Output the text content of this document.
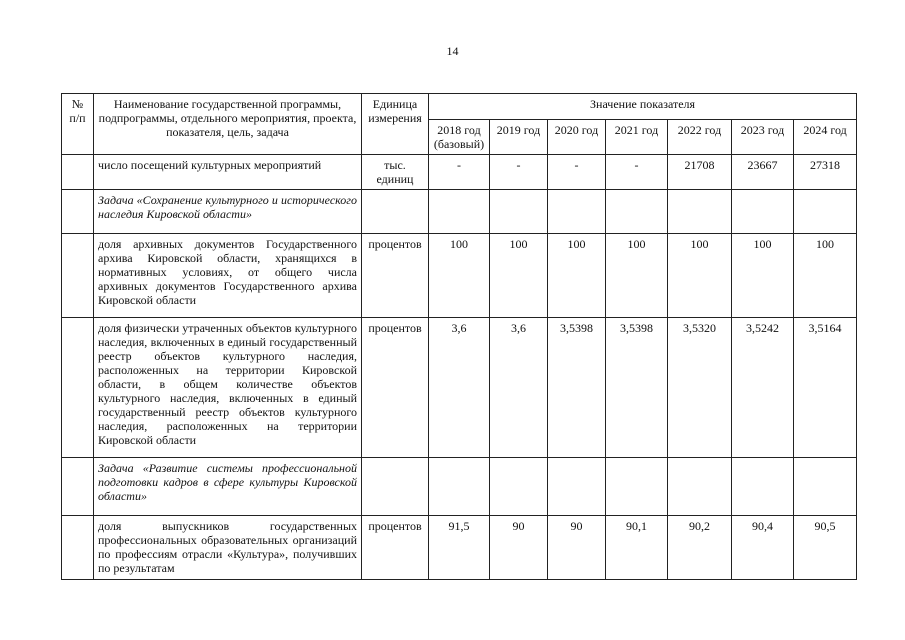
14
№ п/п	Наименование государственной программы, подпрограммы, отдельного мероприятия, проекта, показателя, цель, задача	Единица измерения	Значение показателя						
			2018 год (базовый)	2019 год	2020 год	2021 год	2022 год	2023 год	2024 год
	число посещений культурных мероприятий	тыс. единиц	-	-	-	-	21708	23667	27318
	Задача «Сохранение культурного и исторического наследия Кировской области»								
	доля архивных документов Государственного архива Кировской области, хранящихся в нормативных условиях, от общего числа архивных документов Государственного архива Кировской области	процентов	100	100	100	100	100	100	100
	доля физически утраченных объектов культурного наследия, включенных в единый государственный реестр объектов культурного наследия, расположенных на территории Кировской области, в общем количестве объектов культурного наследия, включенных в единый государственный реестр объектов культурного наследия, расположенных на территории Кировской области	процентов	3,6	3,6	3,5398	3,5398	3,5320	3,5242	3,5164
	Задача «Развитие системы профессиональной подготовки кадров в сфере культуры Кировской области»								
	доля выпускников государственных профессиональных образовательных организаций по профессиям отрасли «Культура», получивших по результатам	процентов	91,5	90	90	90,1	90,2	90,4	90,5
